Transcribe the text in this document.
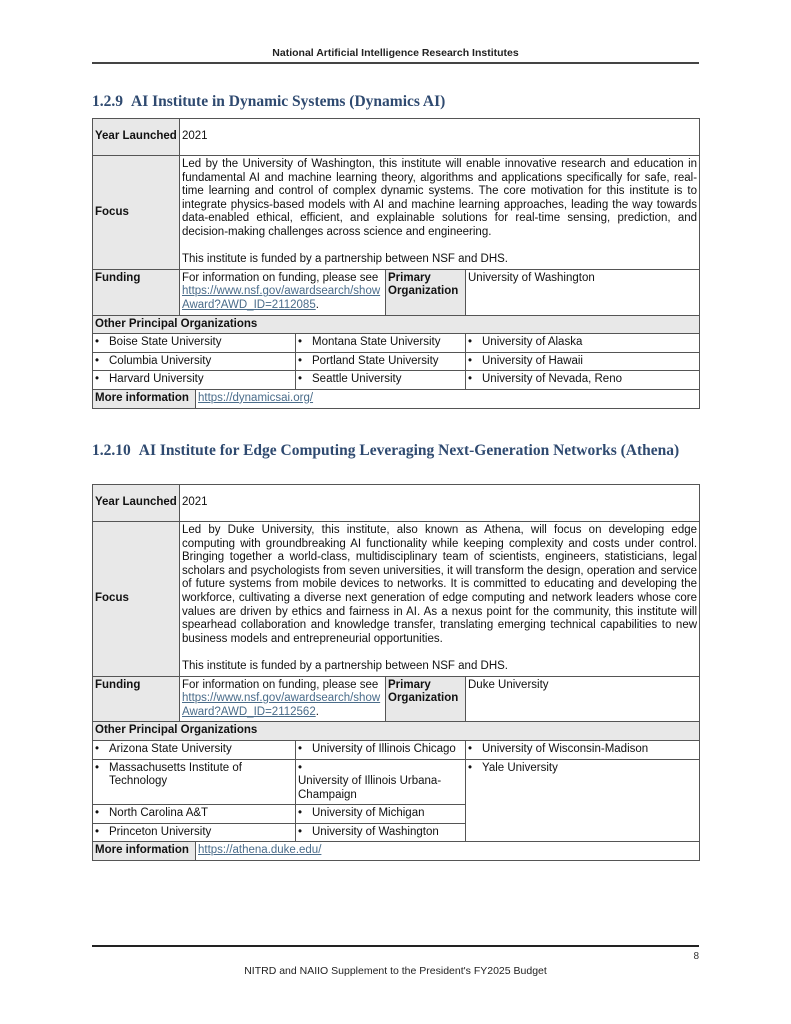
National Artificial Intelligence Research Institutes
1.2.9 AI Institute in Dynamic Systems (Dynamics AI)
Year Launched	2021				
Focus	Led by the University of Washington, this institute will enable innovative research and education in fundamental AI and machine learning theory, algorithms and applications specifically for safe, real-time learning and control of complex dynamic systems. The core motivation for this institute is to integrate physics-based models with AI and machine learning approaches, leading the way towards data-enabled ethical, efficient, and explainable solutions for real-time sensing, prediction, and decision-making challenges across science and engineering.

This institute is funded by a partnership between NSF and DHS.				

Funding	For information on funding, please see
https://www.nsf.gov/awardsearch/showAward?AWD_ID=2112085.			Primary Organization	University of Washington
Other Principal Organizations					
• Boise State University			• Montana State University		• University of Alaska
• Columbia University			• Portland State University		• University of Hawaii
• Harvard University			• Seattle University		• University of Nevada, Reno
More information		https://dynamicsai.org/			
1.2.10 AI Institute for Edge Computing Leveraging Next-Generation Networks (Athena)
Year Launched	2021				
Focus	Led by Duke University, this institute, also known as Athena, will focus on developing edge computing with groundbreaking AI functionality while keeping complexity and costs under control. Bringing together a world-class, multidisciplinary team of scientists, engineers, statisticians, legal scholars and psychologists from seven universities, it will transform the design, operation and service of future systems from mobile devices to networks. It is committed to educating and developing the workforce, cultivating a diverse next generation of edge computing and network leaders whose core values are driven by ethics and fairness in AI. As a nexus point for the community, this institute will spearhead collaboration and knowledge transfer, translating emerging technical capabilities to new business models and entrepreneurial opportunities.

This institute is funded by a partnership between NSF and DHS.				

Funding	For information on funding, please see
https://www.nsf.gov/awardsearch/showAward?AWD_ID=2112562.			Primary Organization	Duke University
Other Principal Organizations					
• Arizona State University			• University of Illinois Chicago		• University of Wisconsin-Madison
• Massachusetts Institute of Technology			•University of Illinois Urbana-Champaign		• Yale University
• North Carolina A&T			• University of Michigan		
• Princeton University			• University of Washington		
More information		https://athena.duke.edu/			
8
NITRD and NAIIO Supplement to the President's FY2025 Budget
